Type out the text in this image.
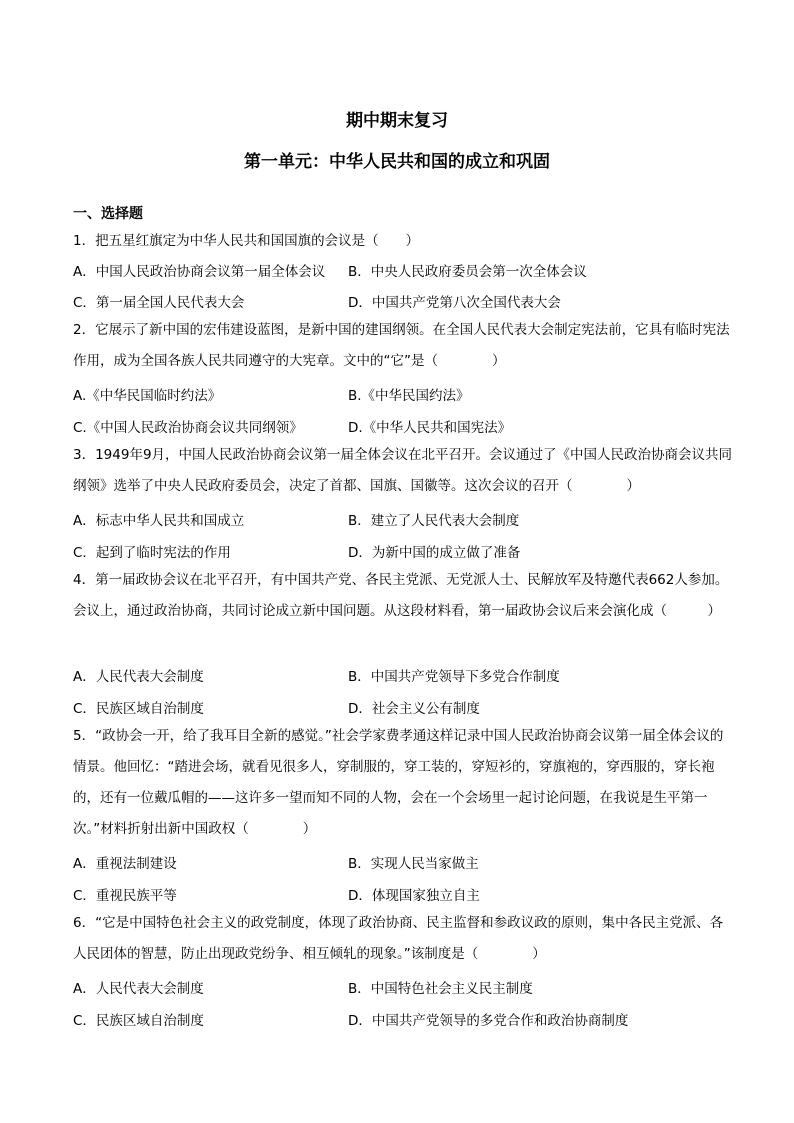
期中期末复习
第一单元：中华人民共和国的成立和巩固
一、选择题
1．把五星红旗定为中华人民共和国国旗的会议是（　　）
A．中国人民政治协商会议第一届全体会议 B．中央人民政府委员会第一次全体会议
C．第一届全国人民代表大会	D．中国共产党第八次全国代表大会
2．它展示了新中国的宏伟建设蓝图，是新中国的建国纲领。在全国人民代表大会制定宪法前，它具有临时宪法作用，成为全国各族人民共同遵守的大宪章。文中的“它”是（　　　　）
A.《中华民国临时约法》	B.《中华民国约法》
C.《中国人民政治协商会议共同纲领》	D.《中华人民共和国宪法》
3．1949年9月，中国人民政治协商会议第一届全体会议在北平召开。会议通过了《中国人民政治协商会议共同纲领》选举了中央人民政府委员会，决定了首都、国旗、国徽等。这次会议的召开（　　　　）
A．标志中华人民共和国成立	B．建立了人民代表大会制度
C．起到了临时宪法的作用	D．为新中国的成立做了准备
4．第一届政协会议在北平召开，有中国共产党、各民主党派、无党派人士、民解放军及特邀代表662人参加。会议上，通过政治协商，共同讨论成立新中国问题。从这段材料看，第一届政协会议后来会演化成（　　　）
A．人民代表大会制度	B．中国共产党领导下多党合作制度
C．民族区域自治制度	D．社会主义公有制度
5．“政协会一开，给了我耳目全新的感觉。”社会学家费孝通这样记录中国人民政治协商会议第一届全体会议的情景。他回忆：“踏进会场，就看见很多人，穿制服的，穿工装的，穿短衫的，穿旗袍的，穿西服的，穿长袍的，还有一位戴瓜帽的——这许多一望而知不同的人物，会在一个会场里一起讨论问题，在我说是生平第一次。”材料折射出新中国政权（　　　　）
A．重视法制建设	B．实现人民当家做主
C．重视民族平等	D．体现国家独立自主
6．“它是中国特色社会主义的政党制度，体现了政治协商、民主监督和参政议政的原则，集中各民主党派、各人民团体的智慧，防止出现政党纷争、相互倾轧的现象。”该制度是（　　　　）
A．人民代表大会制度	B．中国特色社会主义民主制度
C．民族区域自治制度	D．中国共产党领导的多党合作和政治协商制度
